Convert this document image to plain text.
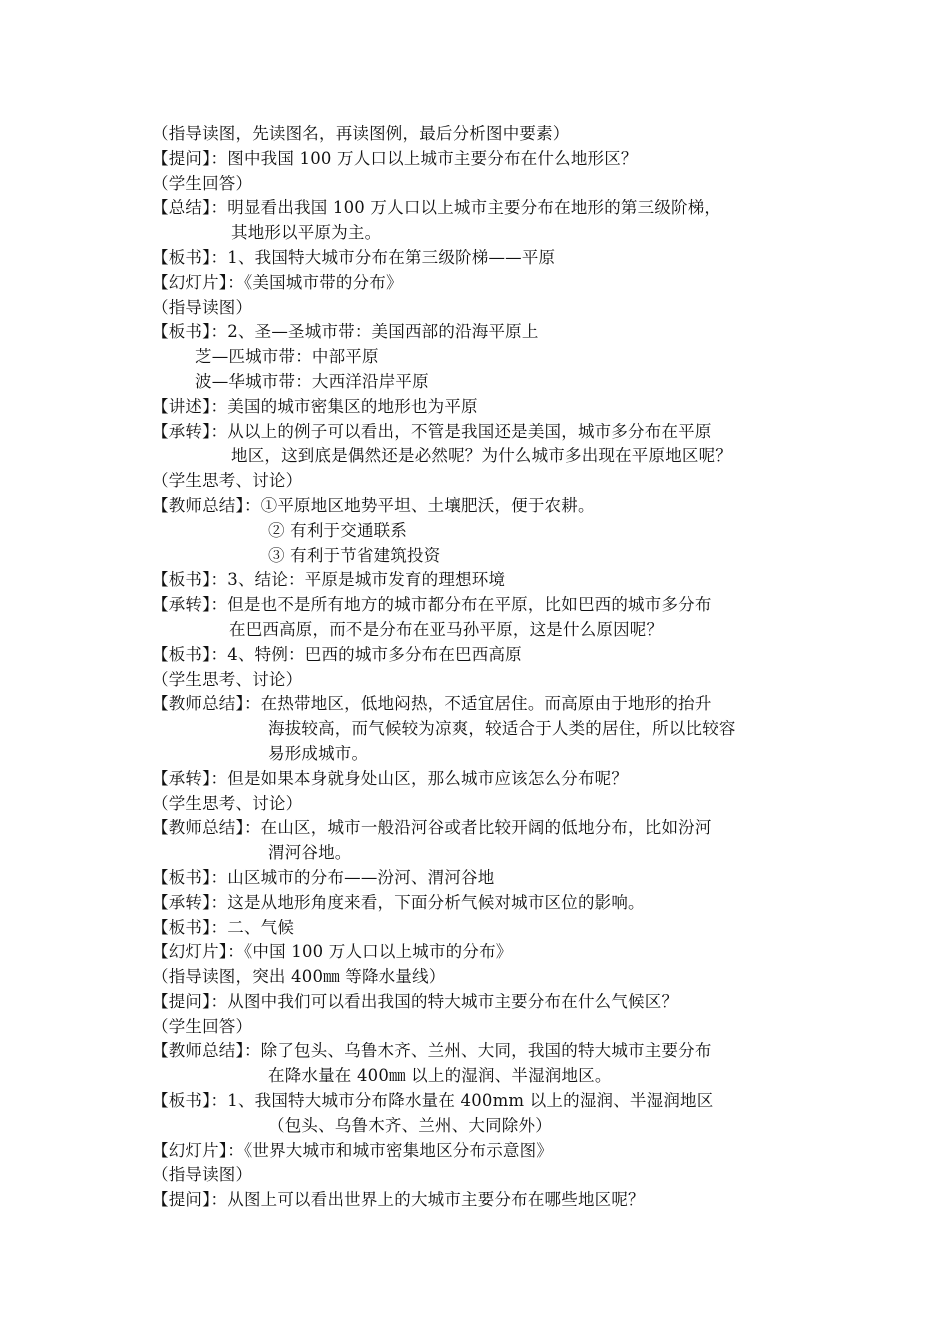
（指导读图，先读图名，再读图例，最后分析图中要素）
【提问】：图中我国 100 万人口以上城市主要分布在什么地形区？
（学生回答）
【总结】：明显看出我国 100 万人口以上城市主要分布在地形的第三级阶梯，
其地形以平原为主。
【板书】：1、我国特大城市分布在第三级阶梯——平原
【幻灯片】：《美国城市带的分布》
（指导读图）
【板书】：2、圣—圣城市带：美国西部的沿海平原上
芝—匹城市带：中部平原
波—华城市带：大西洋沿岸平原
【讲述】：美国的城市密集区的地形也为平原
【承转】：从以上的例子可以看出，不管是我国还是美国，城市多分布在平原
地区，这到底是偶然还是必然呢？为什么城市多出现在平原地区呢？
（学生思考、讨论）
【教师总结】：①平原地区地势平坦、土壤肥沃，便于农耕。
② 有利于交通联系
③ 有利于节省建筑投资
【板书】：3、结论：平原是城市发育的理想环境
【承转】：但是也不是所有地方的城市都分布在平原，比如巴西的城市多分布
在巴西高原，而不是分布在亚马孙平原，这是什么原因呢？
【板书】：4、特例：巴西的城市多分布在巴西高原
（学生思考、讨论）
【教师总结】：在热带地区，低地闷热，不适宜居住。而高原由于地形的抬升
海拔较高，而气候较为凉爽，较适合于人类的居住，所以比较容
易形成城市。
【承转】：但是如果本身就身处山区，那么城市应该怎么分布呢？
（学生思考、讨论）
【教师总结】：在山区，城市一般沿河谷或者比较开阔的低地分布，比如汾河
渭河谷地。
【板书】：山区城市的分布——汾河、渭河谷地
【承转】：这是从地形角度来看，下面分析气候对城市区位的影响。
【板书】：二、气候
【幻灯片】：《中国 100 万人口以上城市的分布》
（指导读图，突出 400㎜ 等降水量线）
【提问】：从图中我们可以看出我国的特大城市主要分布在什么气候区？
（学生回答）
【教师总结】：除了包头、乌鲁木齐、兰州、大同，我国的特大城市主要分布
在降水量在 400㎜ 以上的湿润、半湿润地区。
【板书】：1、我国特大城市分布降水量在 400mm 以上的湿润、半湿润地区
（包头、乌鲁木齐、兰州、大同除外）
【幻灯片】：《世界大城市和城市密集地区分布示意图》
（指导读图）
【提问】：从图上可以看出世界上的大城市主要分布在哪些地区呢？
